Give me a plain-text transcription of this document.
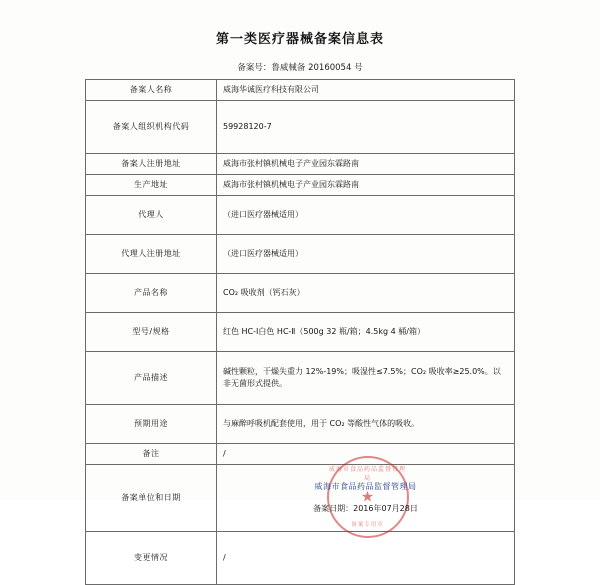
第一类医疗器械备案信息表
备案号：鲁威械备 20160054 号
备案人名称	威海华诚医疗科技有限公司
备案人组织机构代码	59928120-7
备案人注册地址	威海市张村镇机械电子产业园东霖路南
生产地址	威海市张村镇机械电子产业园东霖路南
代理人	（进口医疗器械适用）
代理人注册地址	（进口医疗器械适用）
产品名称	CO₂ 吸收剂（钙石灰）
型号/规格	红色 HC-I白色 HC-Ⅱ（500g 32 瓶/箱；4.5kg 4 桶/箱）
产品描述	碱性颗粒，干燥失重力 12%-19%；吸湿性≤7.5%；CO₂ 吸收率≥25.0%。以非无菌形式提供。
预期用途	与麻醉呼吸机配套使用，用于 CO₂ 等酸性气体的吸收。
备注	/
备案单位和日期	威海市食品药品监督管理局
★
备案专用章
威海市食品药品监督管理局
备案日期：2016年07月28日

变更情况	/
